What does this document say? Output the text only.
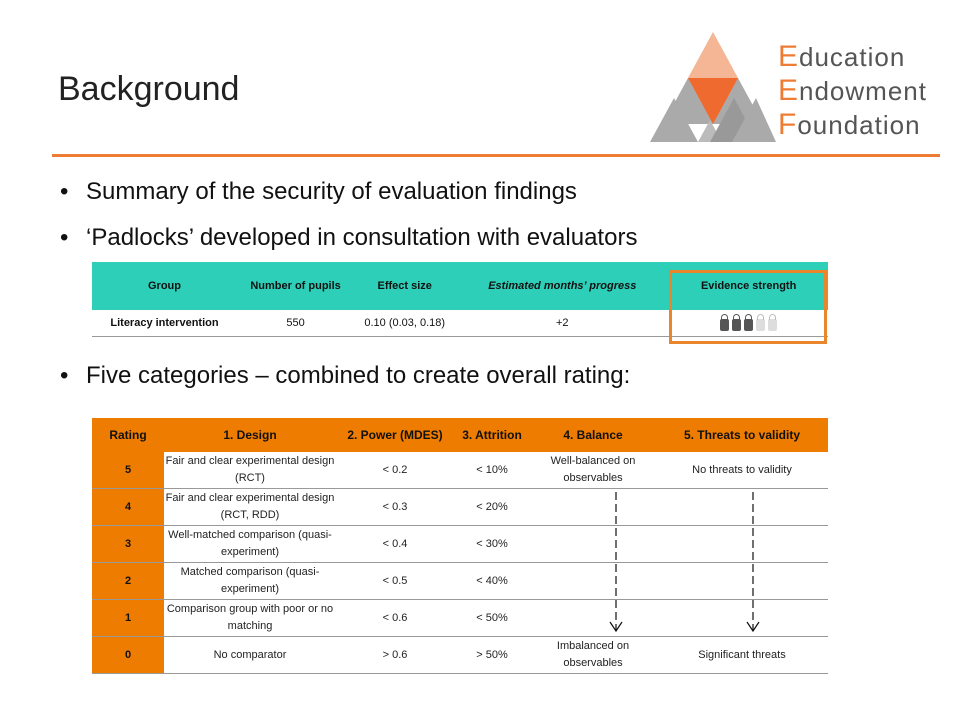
Background
Education
Endowment
Foundation
• Summary of the security of evaluation findings
• ‘Padlocks’ developed in consultation with evaluators
• Five categories – combined to create overall rating:
Group	Number of pupils	Effect size	Estimated months’ progress	Evidence strength
Literacy intervention	550	0.10 (0.03, 0.18)	+2	
Rating	1. Design	2. Power (MDES)	3. Attrition	4. Balance	5. Threats to validity
5	Fair and clear experimental design (RCT)	< 0.2	< 10%	Well-balanced on observables	No threats to validity
4	Fair and clear experimental design (RCT, RDD)	< 0.3	< 20%		
3	Well-matched comparison (quasi-experiment)	< 0.4	< 30%		
2	Matched comparison (quasi-experiment)	< 0.5	< 40%		
1	Comparison group with poor or no matching	< 0.6	< 50%		
0	No comparator	> 0.6	> 50%	Imbalanced on observables	Significant threats
